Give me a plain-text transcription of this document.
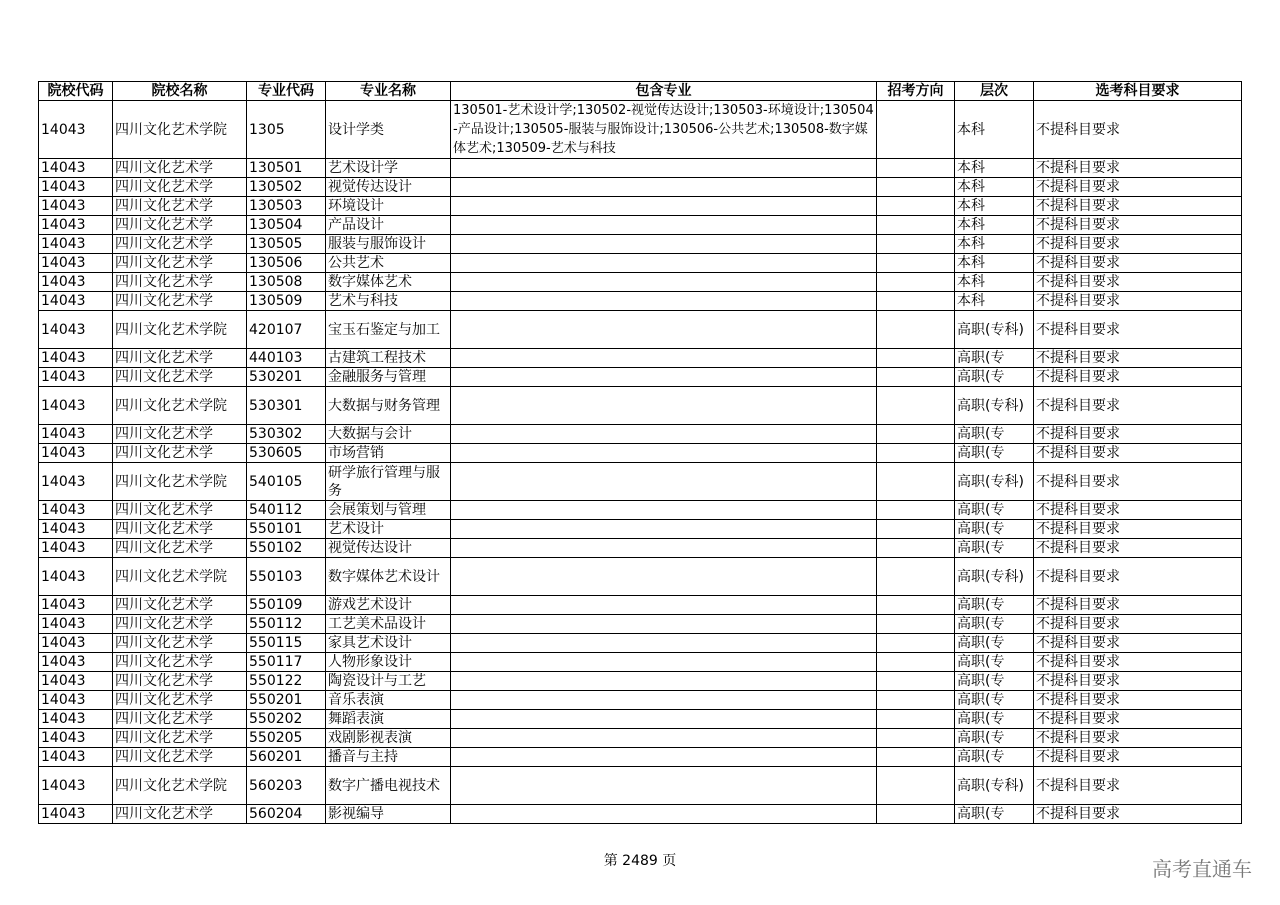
院校代码	院校名称	专业代码	专业名称	包含专业	招考方向	层次	选考科目要求
14043	四川文化艺术学院	1305	设计学类	130501-艺术设计学;130502-视觉传达设计;130503-环境设计;130504-产品设计;130505-服装与服饰设计;130506-公共艺术;130508-数字媒体艺术;130509-艺术与科技		本科	不提科目要求
14043	四川文化艺术学	130501	艺术设计学			本科	不提科目要求
14043	四川文化艺术学	130502	视觉传达设计			本科	不提科目要求
14043	四川文化艺术学	130503	环境设计			本科	不提科目要求
14043	四川文化艺术学	130504	产品设计			本科	不提科目要求
14043	四川文化艺术学	130505	服装与服饰设计			本科	不提科目要求
14043	四川文化艺术学	130506	公共艺术			本科	不提科目要求
14043	四川文化艺术学	130508	数字媒体艺术			本科	不提科目要求
14043	四川文化艺术学	130509	艺术与科技			本科	不提科目要求
14043	四川文化艺术学院	420107	宝玉石鉴定与加工			高职(专科)	不提科目要求
14043	四川文化艺术学	440103	古建筑工程技术			高职(专	不提科目要求
14043	四川文化艺术学	530201	金融服务与管理			高职(专	不提科目要求
14043	四川文化艺术学院	530301	大数据与财务管理			高职(专科)	不提科目要求
14043	四川文化艺术学	530302	大数据与会计			高职(专	不提科目要求
14043	四川文化艺术学	530605	市场营销			高职(专	不提科目要求
14043	四川文化艺术学院	540105	研学旅行管理与服务			高职(专科)	不提科目要求
14043	四川文化艺术学	540112	会展策划与管理			高职(专	不提科目要求
14043	四川文化艺术学	550101	艺术设计			高职(专	不提科目要求
14043	四川文化艺术学	550102	视觉传达设计			高职(专	不提科目要求
14043	四川文化艺术学院	550103	数字媒体艺术设计			高职(专科)	不提科目要求
14043	四川文化艺术学	550109	游戏艺术设计			高职(专	不提科目要求
14043	四川文化艺术学	550112	工艺美术品设计			高职(专	不提科目要求
14043	四川文化艺术学	550115	家具艺术设计			高职(专	不提科目要求
14043	四川文化艺术学	550117	人物形象设计			高职(专	不提科目要求
14043	四川文化艺术学	550122	陶瓷设计与工艺			高职(专	不提科目要求
14043	四川文化艺术学	550201	音乐表演			高职(专	不提科目要求
14043	四川文化艺术学	550202	舞蹈表演			高职(专	不提科目要求
14043	四川文化艺术学	550205	戏剧影视表演			高职(专	不提科目要求
14043	四川文化艺术学	560201	播音与主持			高职(专	不提科目要求
14043	四川文化艺术学院	560203	数字广播电视技术			高职(专科)	不提科目要求
14043	四川文化艺术学	560204	影视编导			高职(专	不提科目要求
第 2489 页	高考直通车
